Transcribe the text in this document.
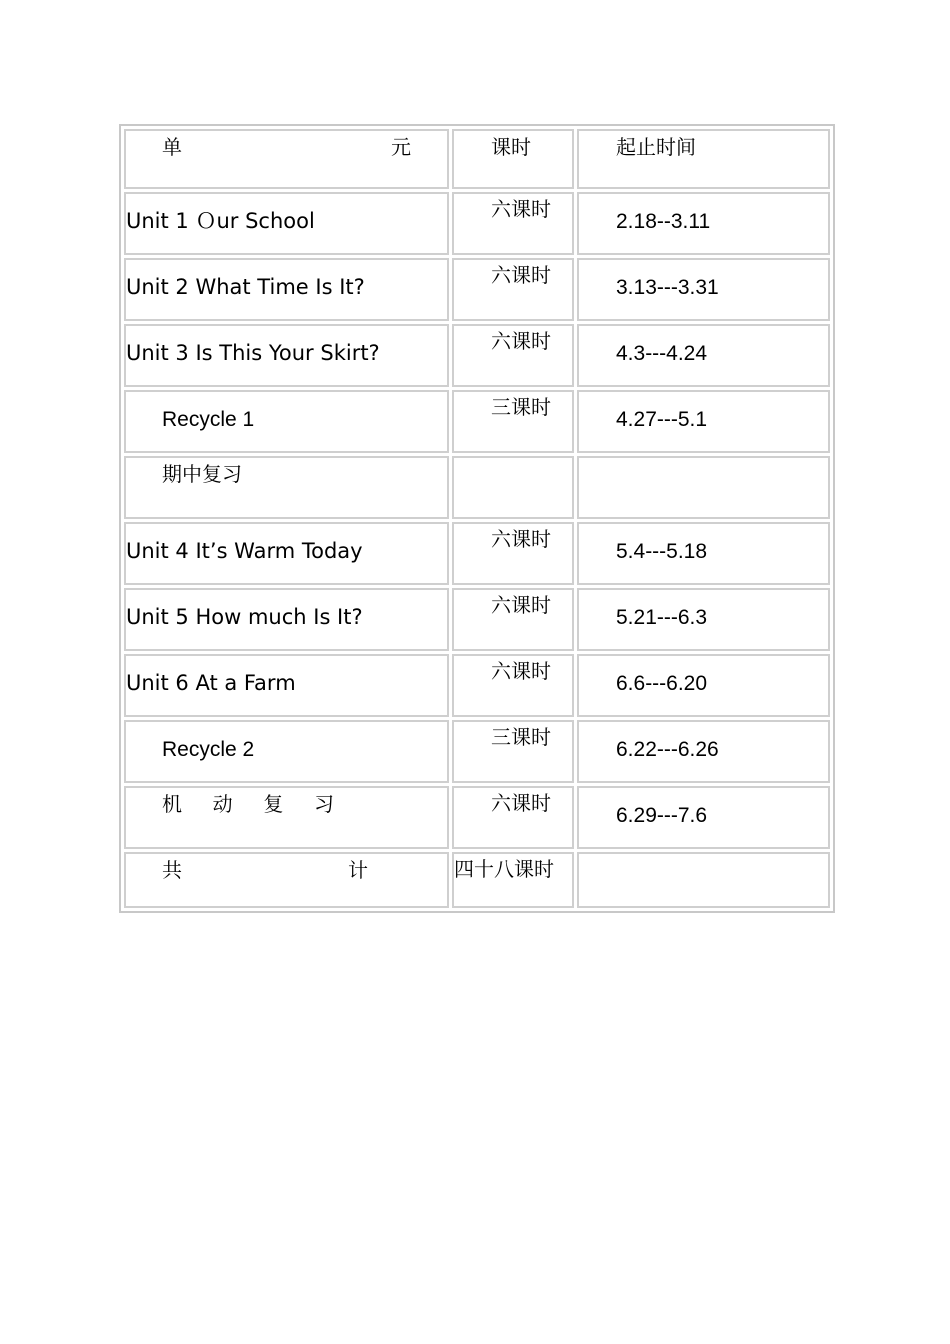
单 元	课时	起止时间

Unit 1 Ｏur School	六课时	2.18--3.11

Unit 2 What Time Is It?	六课时	3.13---3.31

Unit 3 Is This Your Skirt?	六课时	4.3---4.24

Recycle 1	三课时	4.27---5.1

期中复习		

Unit 4 It’s Warm Today	六课时	5.4---5.18

Unit 5 How much Is It?	六课时	5.21---6.3

Unit 6 At a Farm	六课时	6.6---6.20

Recycle 2	三课时	6.22---6.26

机 动 复 习	六课时	6.29---7.6

共 计	四十八课时	
